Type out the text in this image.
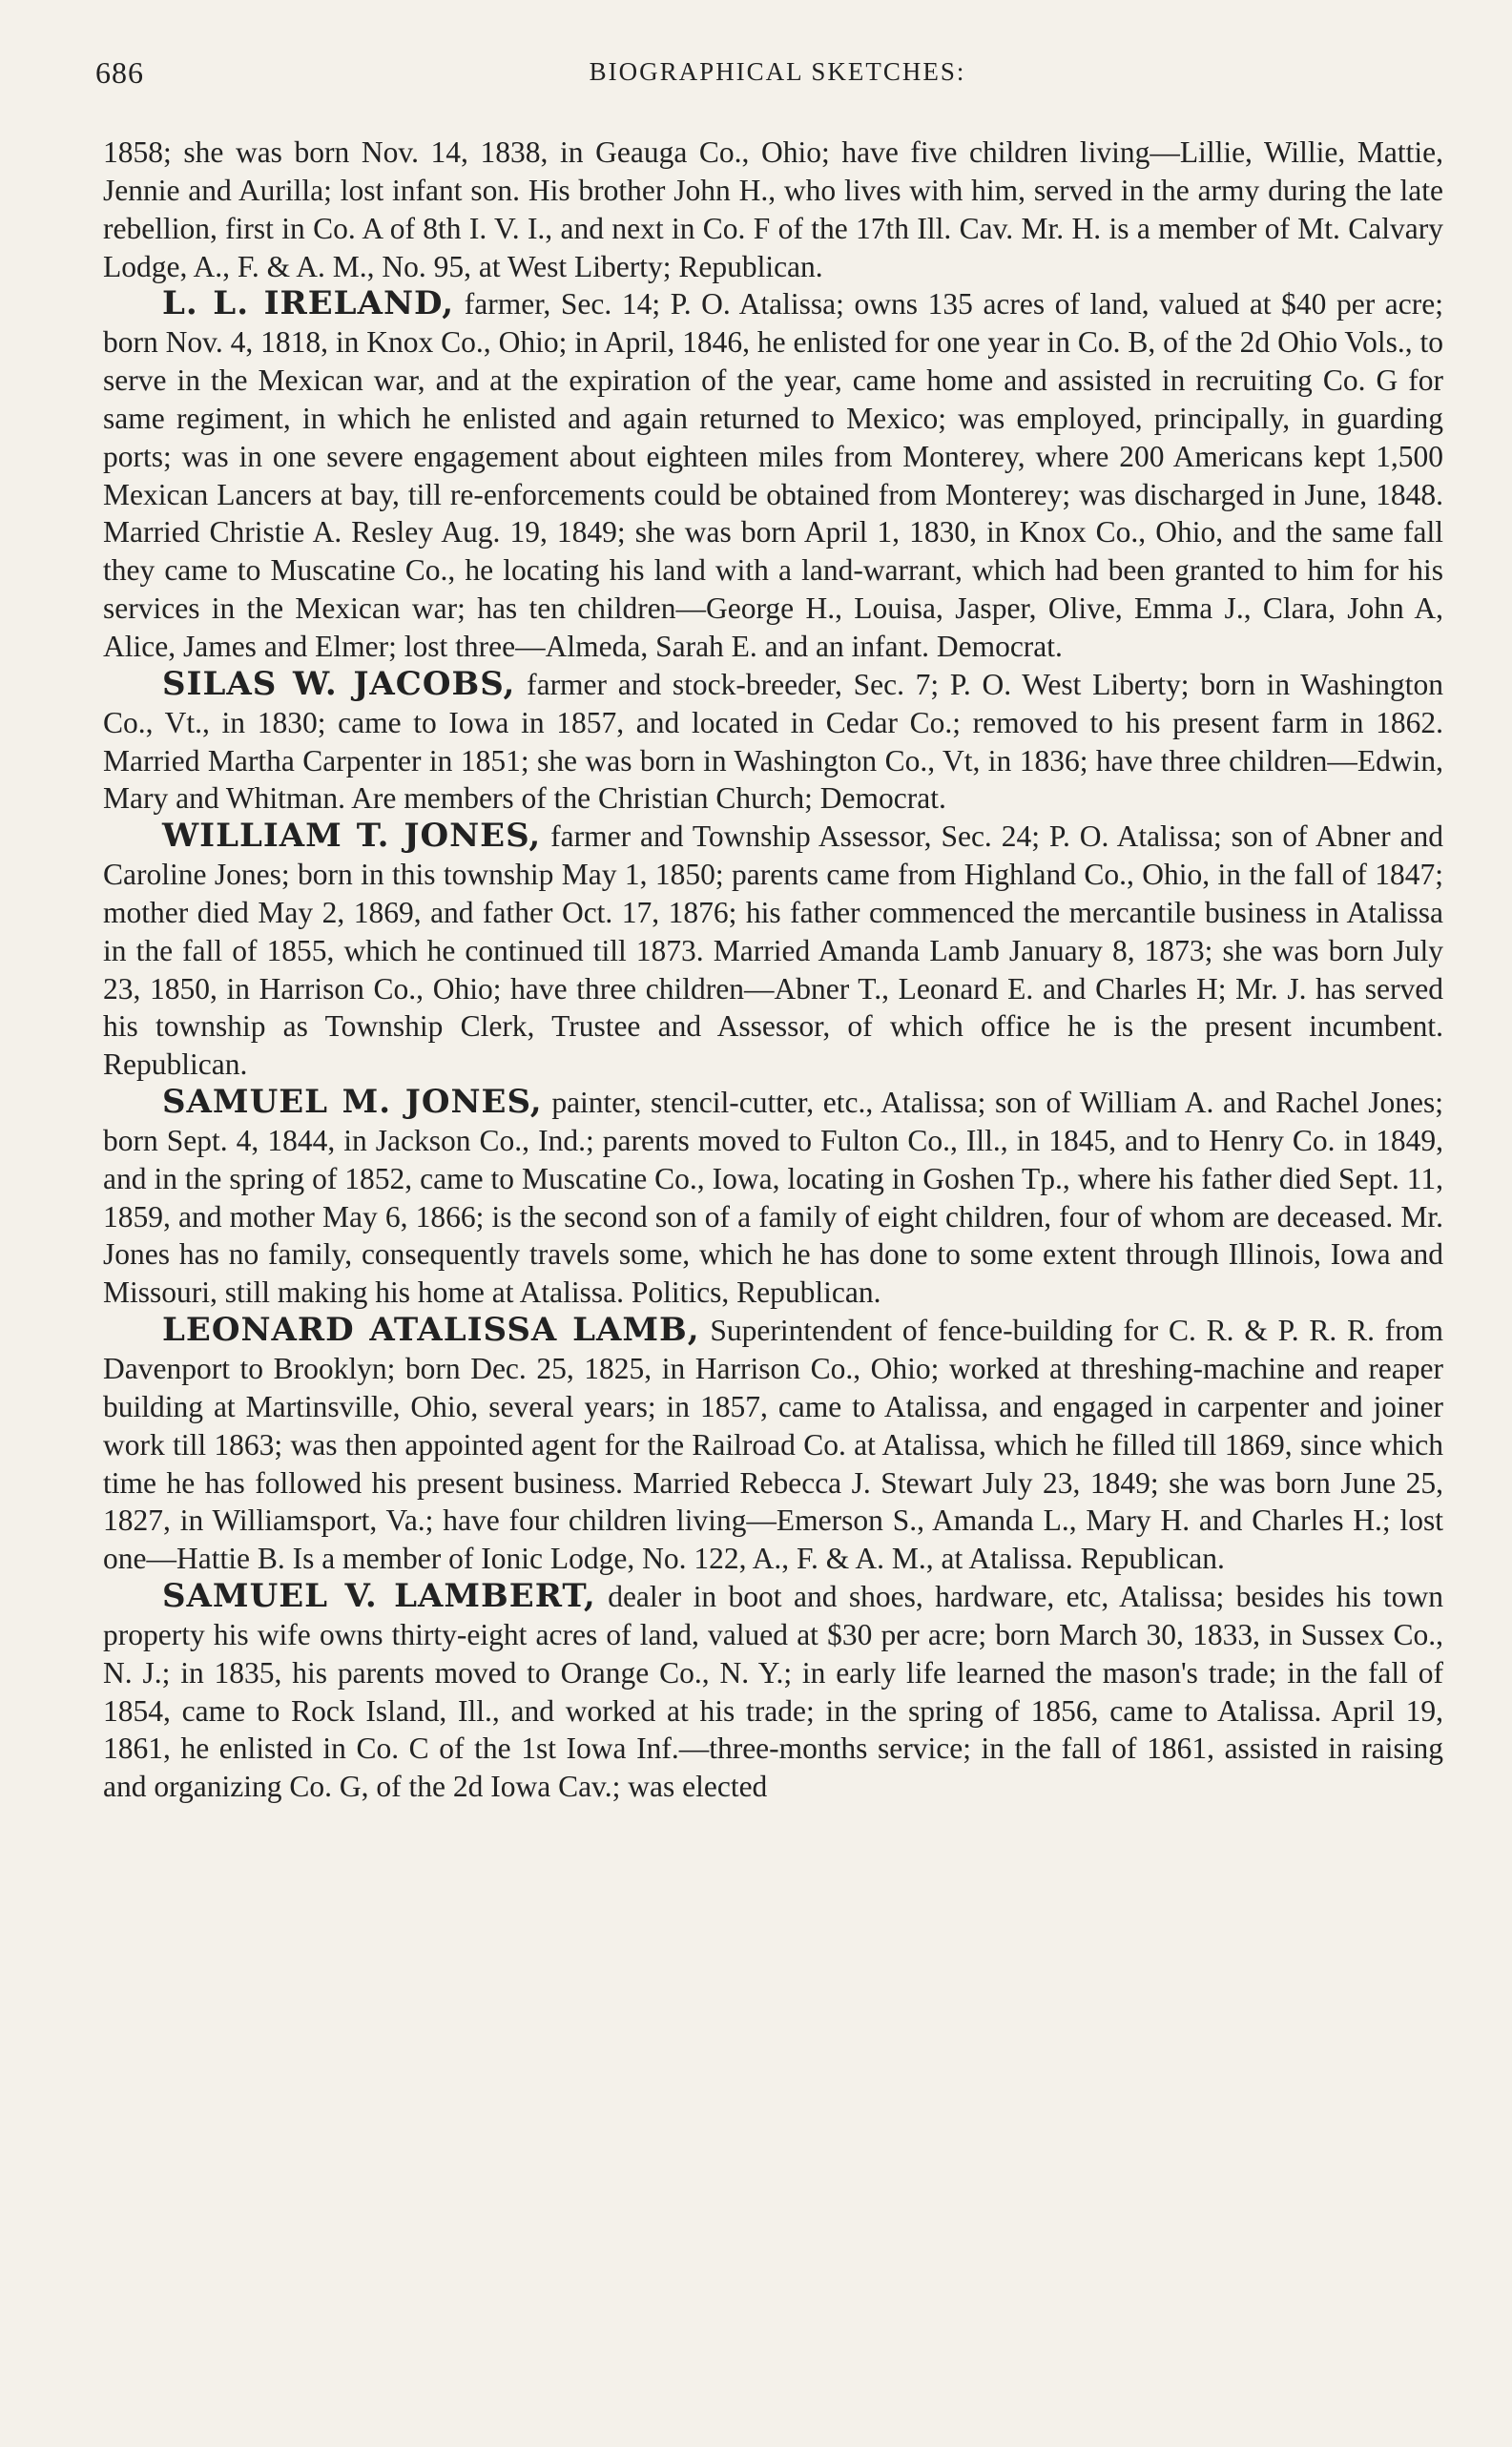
686	BIOGRAPHICAL SKETCHES:

1858; she was born Nov. 14, 1838, in Geauga Co., Ohio; have five children living—Lillie, Willie, Mattie, Jennie and Aurilla; lost infant son. His brother John H., who lives with him, served in the army during the late rebellion, first in Co. A of 8th I. V. I., and next in Co. F of the 17th Ill. Cav. Mr. H. is a member of Mt. Calvary Lodge, A., F. & A. M., No. 95, at West Liberty; Republican.

L. L. IRELAND, farmer, Sec. 14; P. O. Atalissa; owns 135 acres of land, valued at $40 per acre; born Nov. 4, 1818, in Knox Co., Ohio; in April, 1846, he enlisted for one year in Co. B, of the 2d Ohio Vols., to serve in the Mexican war, and at the expiration of the year, came home and assisted in recruiting Co. G for same regiment, in which he enlisted and again returned to Mexico; was employed, principally, in guarding ports; was in one severe engagement about eighteen miles from Monterey, where 200 Americans kept 1,500 Mexican Lancers at bay, till re-enforcements could be obtained from Monterey; was discharged in June, 1848. Married Christie A. Resley Aug. 19, 1849; she was born April 1, 1830, in Knox Co., Ohio, and the same fall they came to Muscatine Co., he locating his land with a land-warrant, which had been granted to him for his services in the Mexican war; has ten children—George H., Louisa, Jasper, Olive, Emma J., Clara, John A, Alice, James and Elmer; lost three—Almeda, Sarah E. and an infant. Democrat.

SILAS W. JACOBS, farmer and stock-breeder, Sec. 7; P. O. West Liberty; born in Washington Co., Vt., in 1830; came to Iowa in 1857, and located in Cedar Co.; removed to his present farm in 1862. Married Martha Carpenter in 1851; she was born in Washington Co., Vt, in 1836; have three children—Edwin, Mary and Whitman. Are members of the Christian Church; Democrat.

WILLIAM T. JONES, farmer and Township Assessor, Sec. 24; P. O. Atalissa; son of Abner and Caroline Jones; born in this township May 1, 1850; parents came from Highland Co., Ohio, in the fall of 1847; mother died May 2, 1869, and father Oct. 17, 1876; his father commenced the mercantile business in Atalissa in the fall of 1855, which he continued till 1873. Married Amanda Lamb January 8, 1873; she was born July 23, 1850, in Harrison Co., Ohio; have three children—Abner T., Leonard E. and Charles H; Mr. J. has served his township as Township Clerk, Trustee and Assessor, of which office he is the present incumbent. Republican.

SAMUEL M. JONES, painter, stencil-cutter, etc., Atalissa; son of William A. and Rachel Jones; born Sept. 4, 1844, in Jackson Co., Ind.; parents moved to Fulton Co., Ill., in 1845, and to Henry Co. in 1849, and in the spring of 1852, came to Muscatine Co., Iowa, locating in Goshen Tp., where his father died Sept. 11, 1859, and mother May 6, 1866; is the second son of a family of eight children, four of whom are deceased. Mr. Jones has no family, consequently travels some, which he has done to some extent through Illinois, Iowa and Missouri, still making his home at Atalissa. Politics, Republican.

LEONARD ATALISSA LAMB, Superintendent of fence-building for C. R. & P. R. R. from Davenport to Brooklyn; born Dec. 25, 1825, in Harrison Co., Ohio; worked at threshing-machine and reaper building at Martinsville, Ohio, several years; in 1857, came to Atalissa, and engaged in carpenter and joiner work till 1863; was then appointed agent for the Railroad Co. at Atalissa, which he filled till 1869, since which time he has followed his present business. Married Rebecca J. Stewart July 23, 1849; she was born June 25, 1827, in Williamsport, Va.; have four children living—Emerson S., Amanda L., Mary H. and Charles H.; lost one—Hattie B. Is a member of Ionic Lodge, No. 122, A., F. & A. M., at Atalissa. Republican.

SAMUEL V. LAMBERT, dealer in boot and shoes, hardware, etc, Atalissa; besides his town property his wife owns thirty-eight acres of land, valued at $30 per acre; born March 30, 1833, in Sussex Co., N. J.; in 1835, his parents moved to Orange Co., N. Y.; in early life learned the mason's trade; in the fall of 1854, came to Rock Island, Ill., and worked at his trade; in the spring of 1856, came to Atalissa. April 19, 1861, he enlisted in Co. C of the 1st Iowa Inf.—three-months service; in the fall of 1861, assisted in raising and organizing Co. G, of the 2d Iowa Cav.; was elected
